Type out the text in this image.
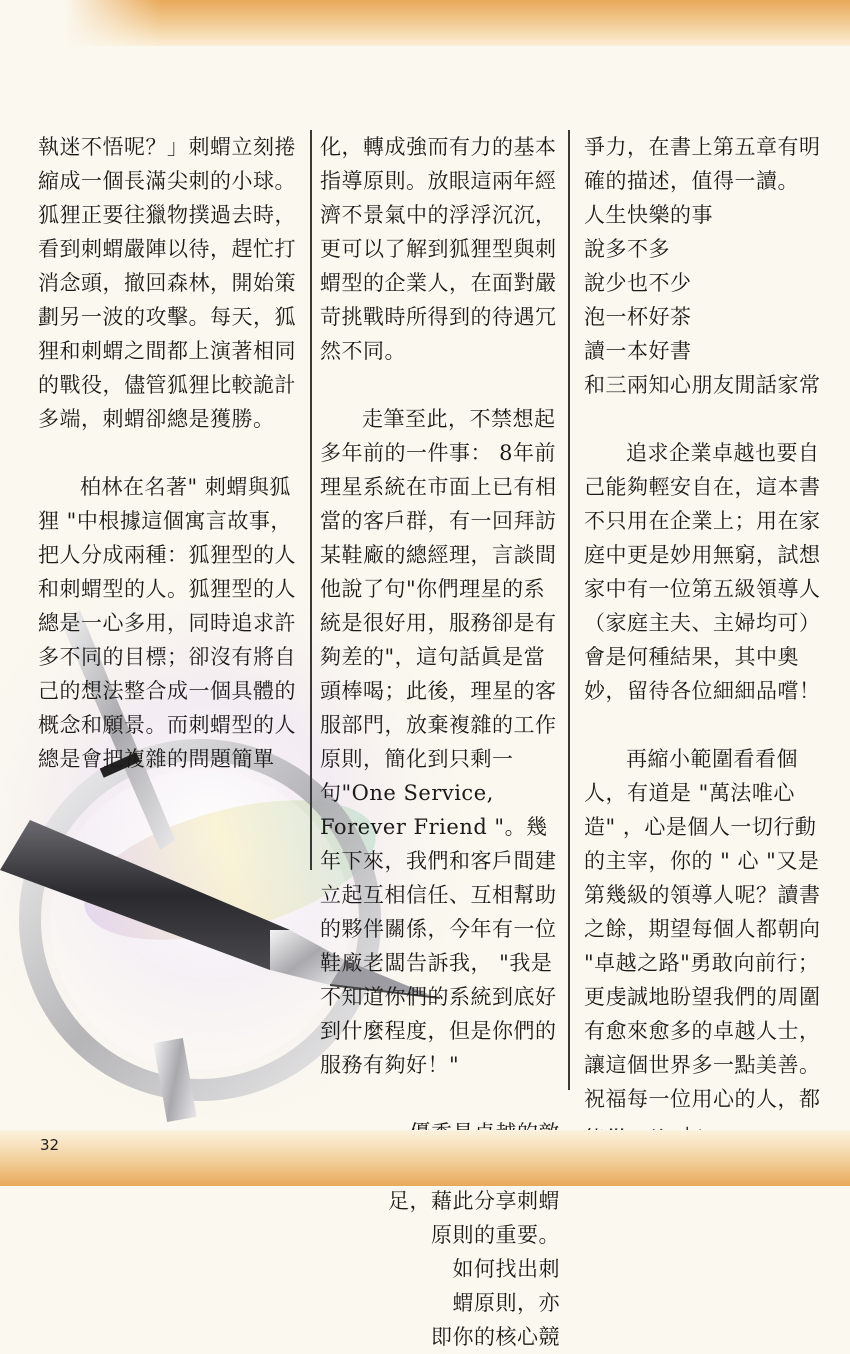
執迷不悟呢？」刺蝟立刻捲縮成一個長滿尖刺的小球。狐狸正要往獵物撲過去時，看到刺蝟嚴陣以待，趕忙打消念頭，撤回森林，開始策劃另一波的攻擊。每天，狐狸和刺蝟之間都上演著相同的戰役，儘管狐狸比較詭計多端，刺蝟卻總是獲勝。

柏林在名著" 刺蝟與狐狸 "中根據這個寓言故事，把人分成兩種：狐狸型的人和刺蝟型的人。狐狸型的人總是一心多用，同時追求許多不同的目標；卻沒有將自己的想法整合成一個具體的概念和願景。而刺蝟型的人總是會把複雜的問題簡單

化，轉成強而有力的基本指導原則。放眼這兩年經濟不景氣中的浮浮沉沉，更可以了解到狐狸型與刺蝟型的企業人，在面對嚴苛挑戰時所得到的待遇冗然不同。

走筆至此，不禁想起多年前的一件事： 8年前理星系統在市面上已有相當的客戶群，有一回拜訪某鞋廠的總經理，言談間他說了句"你們理星的系統是很好用，服務卻是有夠差的"，這句話眞是當頭棒喝；此後，理星的客服部門，放棄複雜的工作原則，簡化到只剩一句"One Service, Forever Friend "。幾年下來，我們和客戶間建立起互相信任、互相幫助的夥伴關係，今年有一位鞋廠老闆告訴我， "我是不知道你們的系統到底好到什麼程度，但是你們的服務有夠好！"

足，藉此分享刺蝟

原則的重要。

如何找出刺

蝟原則，亦

即你的核心競

爭力，在書上第五章有明確的描述，值得一讀。

人生快樂的事

說多不多

說少也不少

泡一杯好茶

讀一本好書

和三兩知心朋友閒話家常

追求企業卓越也要自己能夠輕安自在，這本書不只用在企業上；用在家庭中更是妙用無窮，試想家中有一位第五級領導人（家庭主夫、主婦均可）會是何種結果，其中奧妙，留待各位細細品嚐！

再縮小範圍看看個人，有道是 "萬法唯心造" ，心是個人一切行動的主宰，你的 " 心 "又是第幾級的領導人呢？讀書之餘，期望每個人都朝向 "卓越之路"勇敢向前行； 更虔誠地盼望我們的周圍有愈來愈多的卓越人士，讓這個世界多一點美善。祝福每一位用心的人，都

32
